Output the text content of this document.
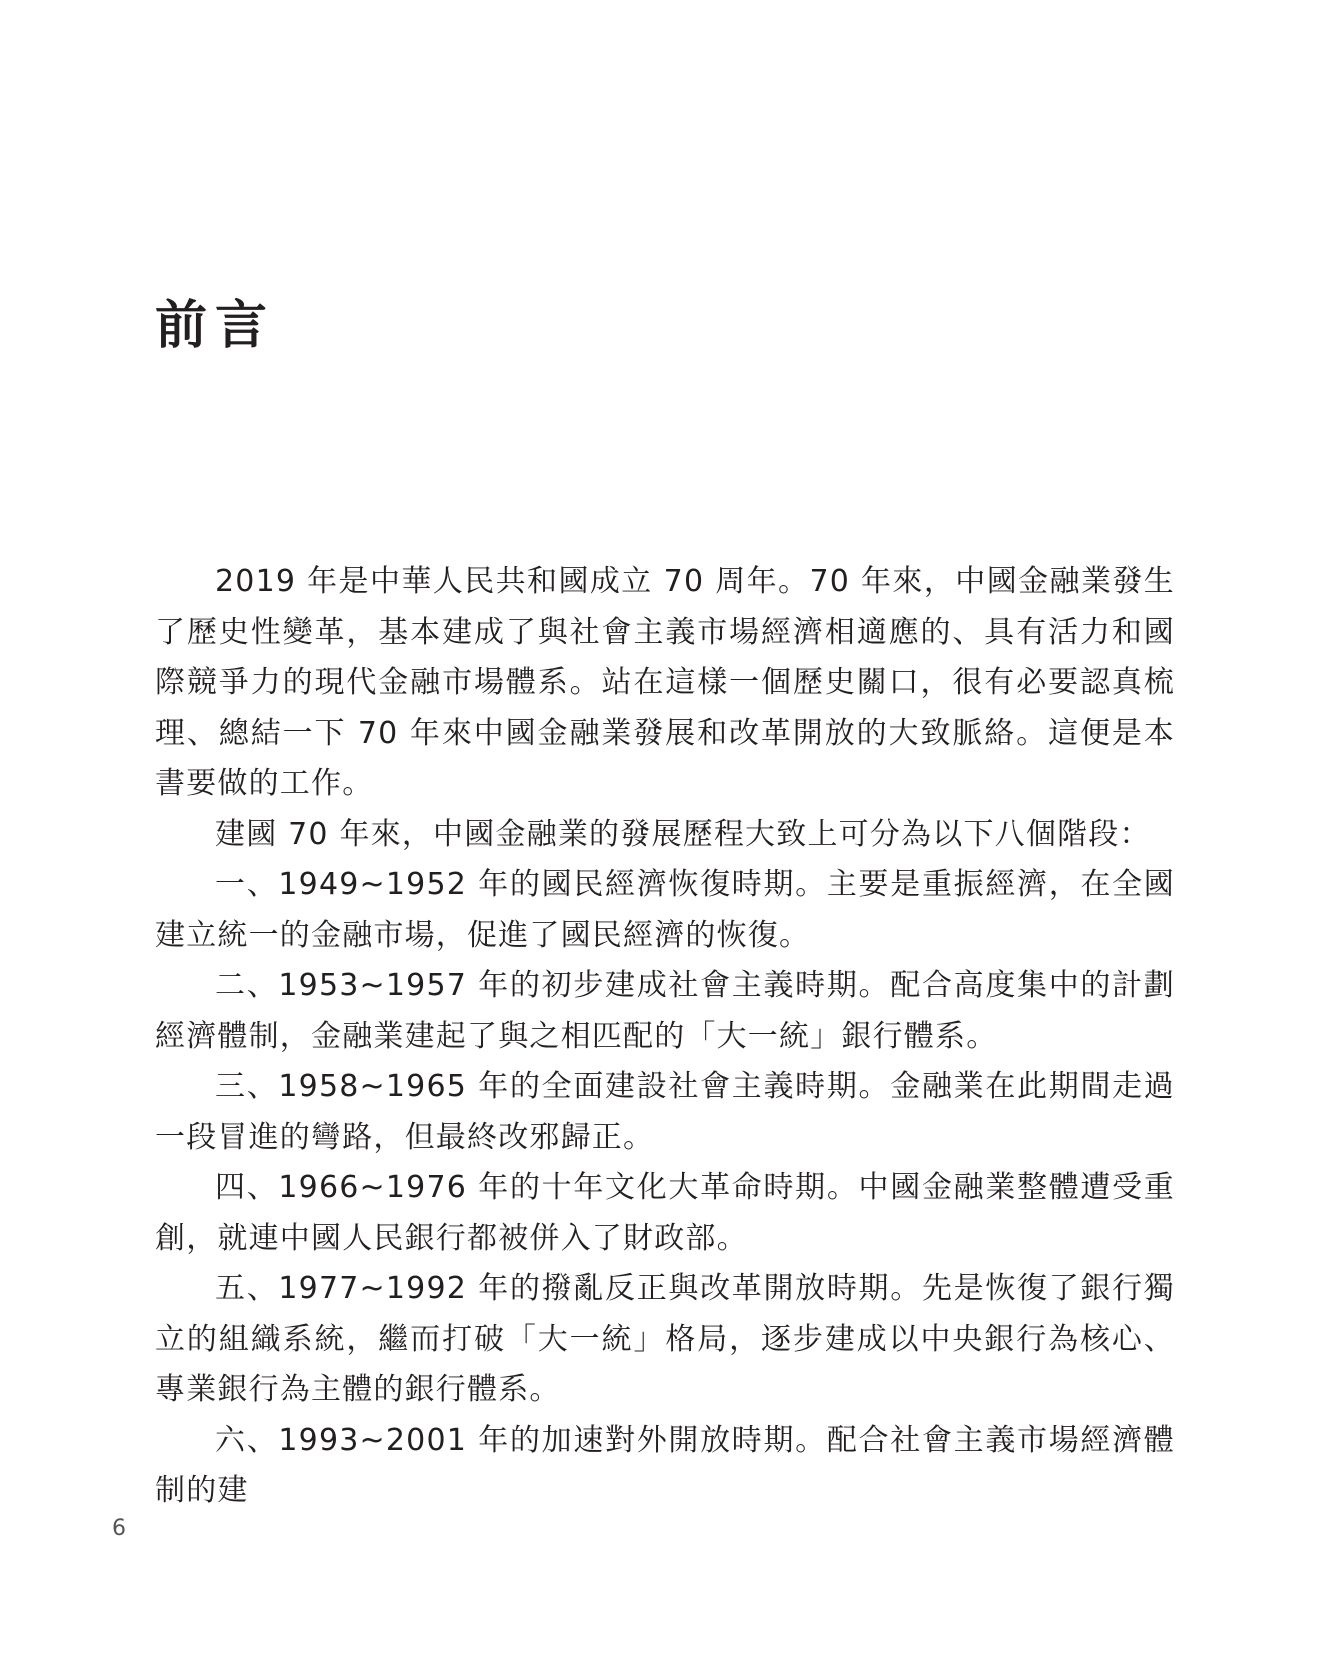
前言

2019 年是中華人民共和國成立 70 周年。70 年來，中國金融業發生了歷史性變革，基本建成了與社會主義市場經濟相適應的、具有活力和國際競爭力的現代金融市場體系。站在這樣一個歷史關口，很有必要認真梳理、總結一下 70 年來中國金融業發展和改革開放的大致脈絡。這便是本書要做的工作。

建國 70 年來，中國金融業的發展歷程大致上可分為以下八個階段：

一、1949~1952 年的國民經濟恢復時期。主要是重振經濟，在全國建立統一的金融市場，促進了國民經濟的恢復。

二、1953~1957 年的初步建成社會主義時期。配合高度集中的計劃經濟體制，金融業建起了與之相匹配的「大一統」銀行體系。

三、1958~1965 年的全面建設社會主義時期。金融業在此期間走過一段冒進的彎路，但最終改邪歸正。

四、1966~1976 年的十年文化大革命時期。中國金融業整體遭受重創，就連中國人民銀行都被併入了財政部。

五、1977~1992 年的撥亂反正與改革開放時期。先是恢復了銀行獨立的組織系統，繼而打破「大一統」格局，逐步建成以中央銀行為核心、專業銀行為主體的銀行體系。

六、1993~2001 年的加速對外開放時期。配合社會主義市場經濟體制的建

6
